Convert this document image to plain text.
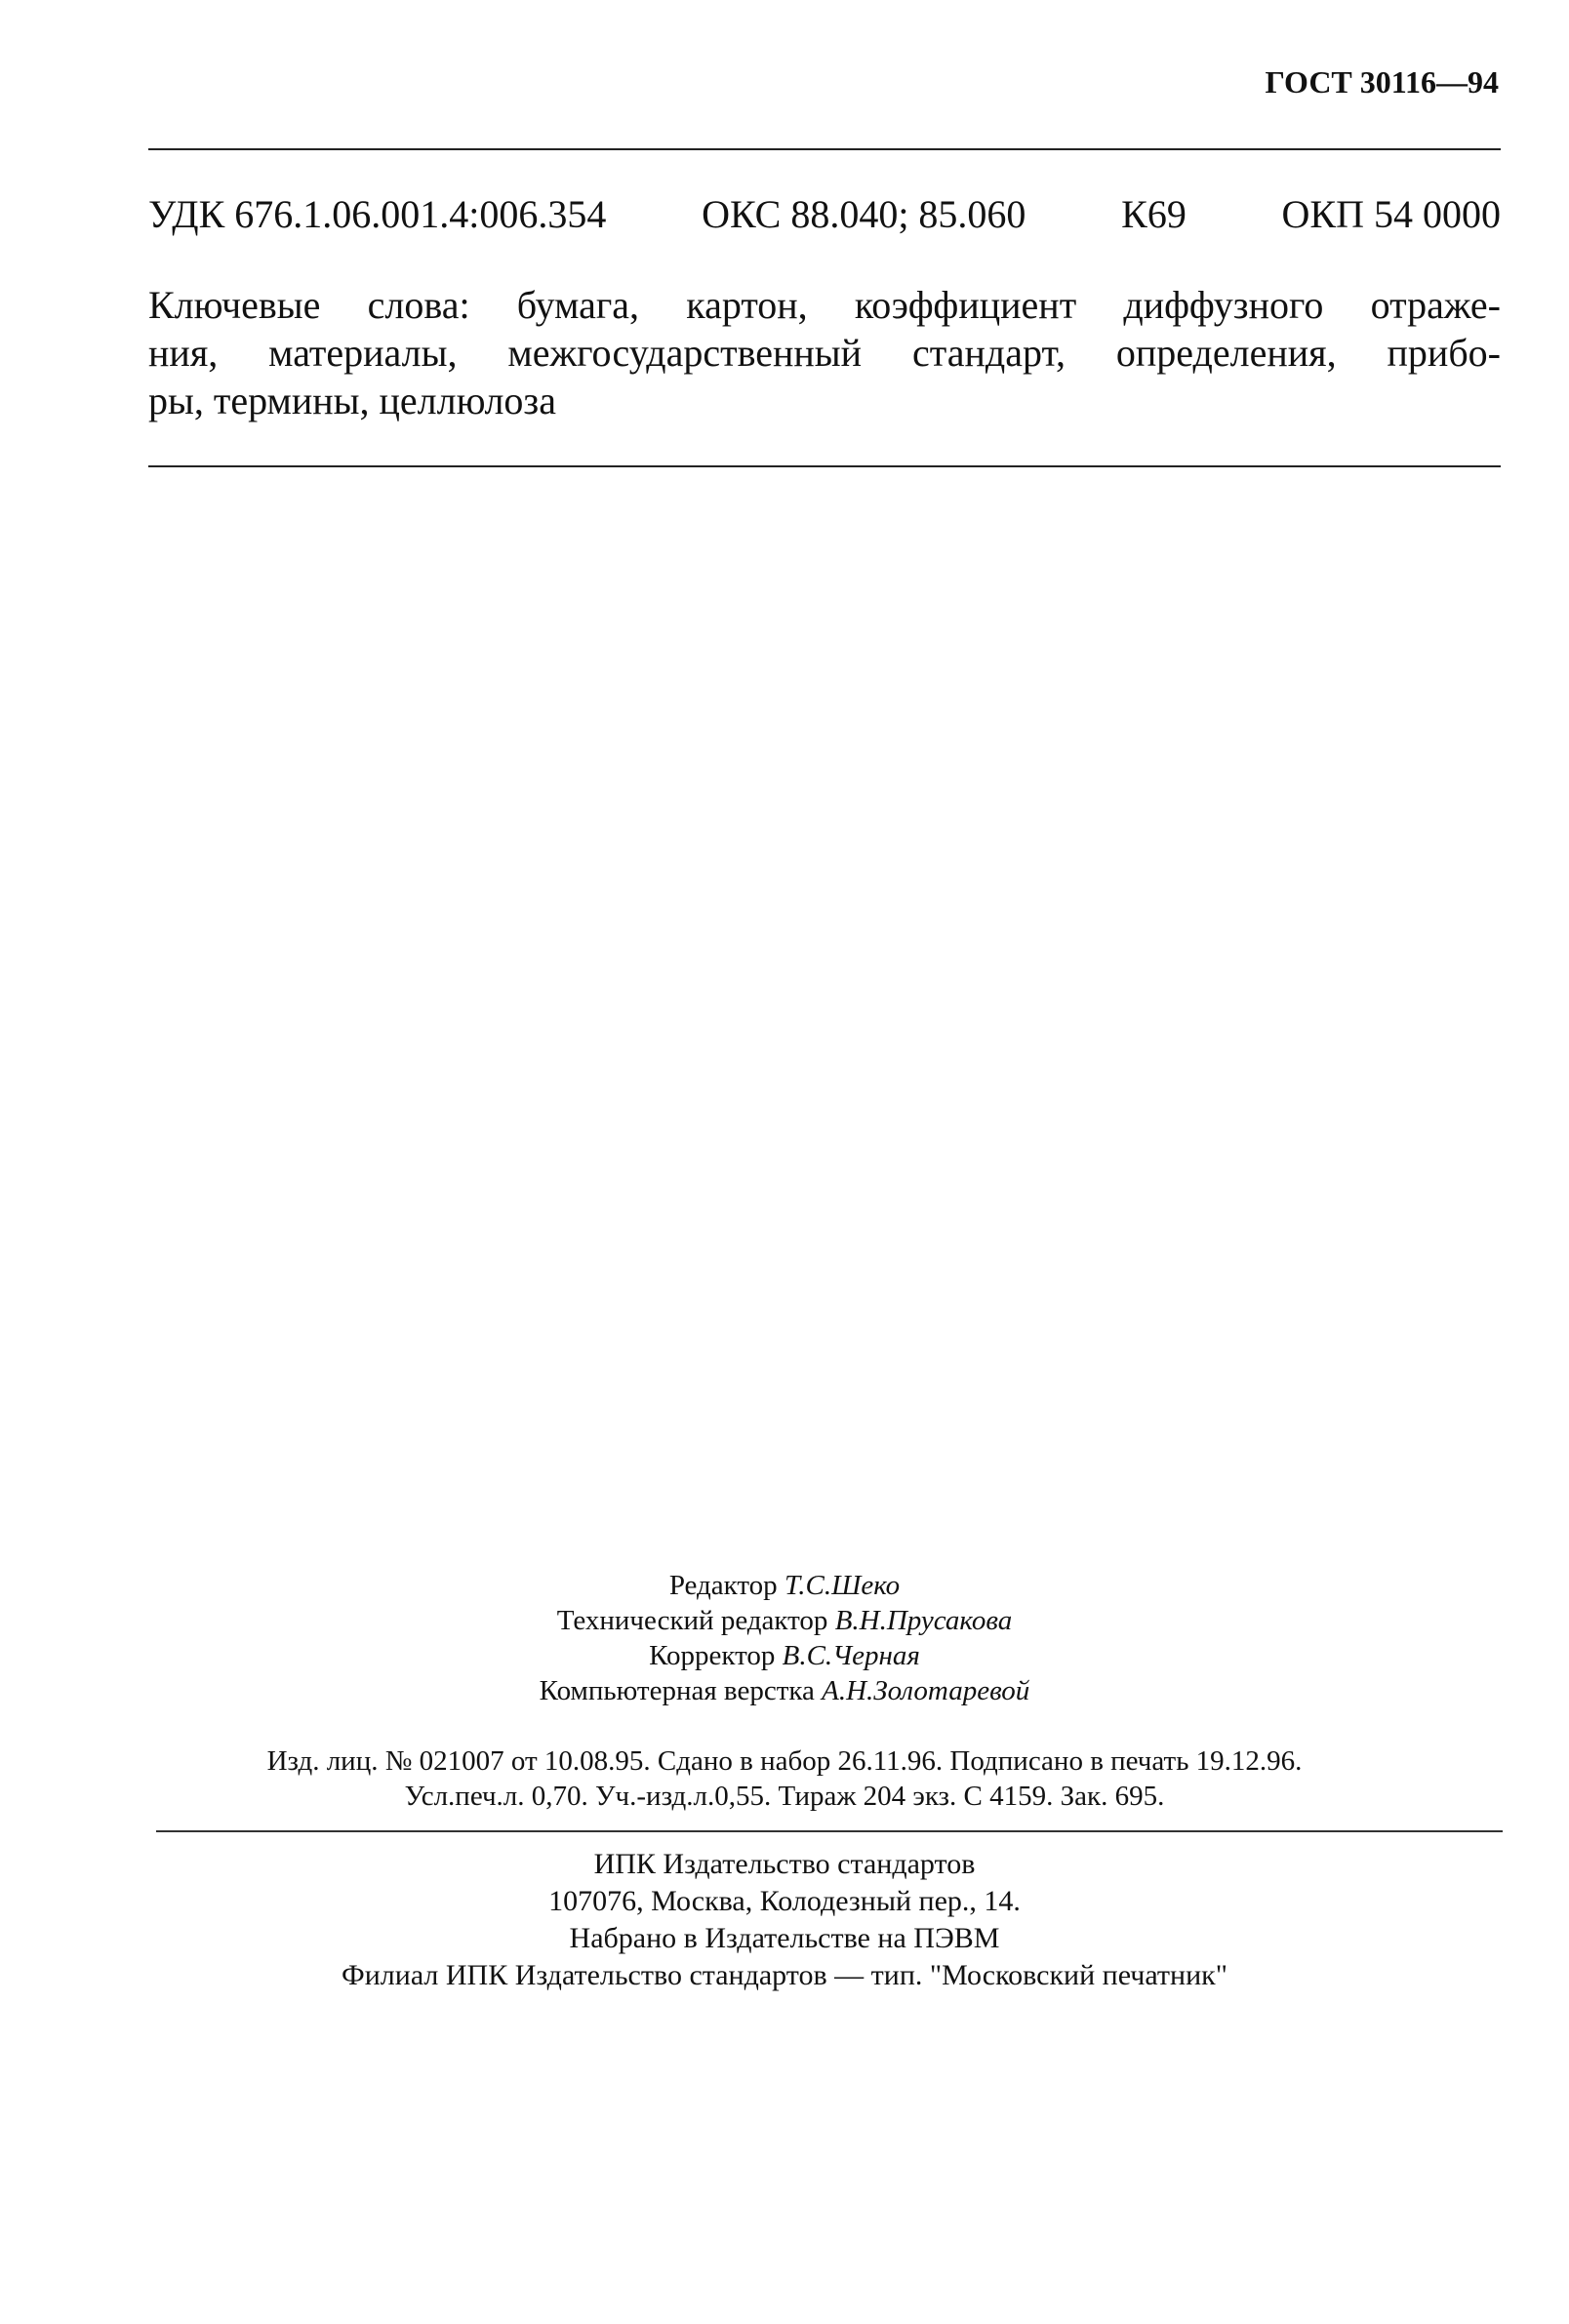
ГОСТ 30116—94
УДК 676.1.06.001.4:006.354 ОКС 88.040; 85.060 К69 ОКП 54 0000
Ключевые слова: бумага, картон, коэффициент диффузного отраже-
ния, материалы, межгосударственный стандарт, определения, прибо-
ры, термины, целлюлоза
Редактор Т.С.Шеко
Технический редактор В.Н.Прусакова
Корректор В.С.Черная
Компьютерная верстка А.Н.Золотаревой
Изд. лиц. № 021007 от 10.08.95. Сдано в набор 26.11.96. Подписано в печать 19.12.96.
Усл.печ.л. 0,70. Уч.-изд.л.0,55. Тираж 204 экз. С 4159. Зак. 695.
ИПК Издательство стандартов
107076, Москва, Колодезный пер., 14.
Набрано в Издательстве на ПЭВМ
Филиал ИПК Издательство стандартов — тип. "Московский печатник"
